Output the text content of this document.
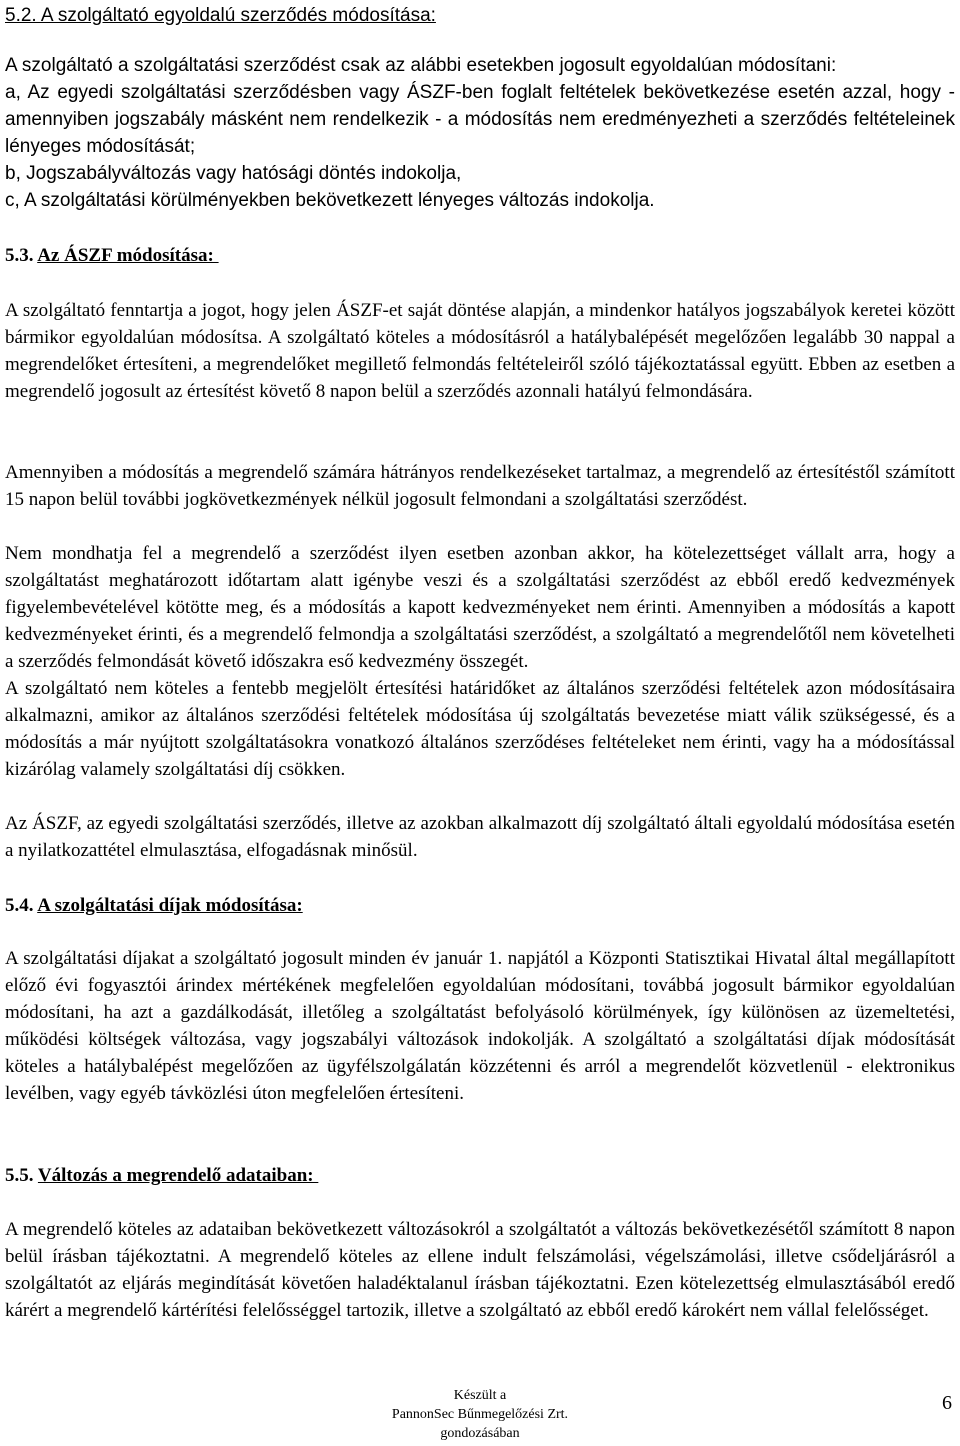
5.2. A szolgáltató egyoldalú szerződés módosítása:
A szolgáltató a szolgáltatási szerződést csak az alábbi esetekben jogosult egyoldalúan módosítani:
a, Az egyedi szolgáltatási szerződésben vagy ÁSZF-ben foglalt feltételek bekövetkezése esetén azzal, hogy - amennyiben jogszabály másként nem rendelkezik - a módosítás nem eredményezheti a szerződés feltételeinek lényeges módosítását;
b, Jogszabályváltozás vagy hatósági döntés indokolja,
c, A szolgáltatási körülményekben bekövetkezett lényeges változás indokolja.
5.3. Az ÁSZF módosítása:
A szolgáltató fenntartja a jogot, hogy jelen ÁSZF-et saját döntése alapján, a mindenkor hatályos jogszabályok keretei között bármikor egyoldalúan módosítsa. A szolgáltató köteles a módosításról a hatálybalépését megelőzően legalább 30 nappal a megrendelőket értesíteni, a megrendelőket megillető felmondás feltételeiről szóló tájékoztatással együtt. Ebben az esetben a megrendelő jogosult az értesítést követő 8 napon belül a szerződés azonnali hatályú felmondására.
Amennyiben a módosítás a megrendelő számára hátrányos rendelkezéseket tartalmaz, a megrendelő az értesítéstől számított 15 napon belül további jogkövetkezmények nélkül jogosult felmondani a szolgáltatási szerződést.
Nem mondhatja fel a megrendelő a szerződést ilyen esetben azonban akkor, ha kötelezettséget vállalt arra, hogy a szolgáltatást meghatározott időtartam alatt igénybe veszi és a szolgáltatási szerződést az ebből eredő kedvezmények figyelembevételével kötötte meg, és a módosítás a kapott kedvezményeket nem érinti. Amennyiben a módosítás a kapott kedvezményeket érinti, és a megrendelő felmondja a szolgáltatási szerződést, a szolgáltató a megrendelőtől nem követelheti a szerződés felmondását követő időszakra eső kedvezmény összegét.
A szolgáltató nem köteles a fentebb megjelölt értesítési határidőket az általános szerződési feltételek azon módosításaira alkalmazni, amikor az általános szerződési feltételek módosítása új szolgáltatás bevezetése miatt válik szükségessé, és a módosítás a már nyújtott szolgáltatásokra vonatkozó általános szerződéses feltételeket nem érinti, vagy ha a módosítással kizárólag valamely szolgáltatási díj csökken.
Az ÁSZF, az egyedi szolgáltatási szerződés, illetve az azokban alkalmazott díj szolgáltató általi egyoldalú módosítása esetén a nyilatkozattétel elmulasztása, elfogadásnak minősül.
5.4. A szolgáltatási díjak módosítása:
A szolgáltatási díjakat a szolgáltató jogosult minden év január 1. napjától a Központi Statisztikai Hivatal által megállapított előző évi fogyasztói árindex mértékének megfelelően egyoldalúan módosítani, továbbá jogosult bármikor egyoldalúan módosítani, ha azt a gazdálkodását, illetőleg a szolgáltatást befolyásoló körülmények, így különösen az üzemeltetési, működési költségek változása, vagy jogszabályi változások indokolják. A szolgáltató a szolgáltatási díjak módosítását köteles a hatálybalépést megelőzően az ügyfélszolgálatán közzétenni és arról a megrendelőt közvetlenül - elektronikus levélben, vagy egyéb távközlési úton megfelelően értesíteni.
5.5. Változás a megrendelő adataiban:
A megrendelő köteles az adataiban bekövetkezett változásokról a szolgáltatót a változás bekövetkezésétől számított 8 napon belül írásban tájékoztatni. A megrendelő köteles az ellene indult felszámolási, végelszámolási, illetve csődeljárásról a szolgáltatót az eljárás megindítását követően haladéktalanul írásban tájékoztatni. Ezen kötelezettség elmulasztásából eredő kárért a megrendelő kártérítési felelősséggel tartozik, illetve a szolgáltató az ebből eredő károkért nem vállal felelősséget.
Készült a
PannonSec Bűnmegelőzési Zrt.
gondozásában
6
